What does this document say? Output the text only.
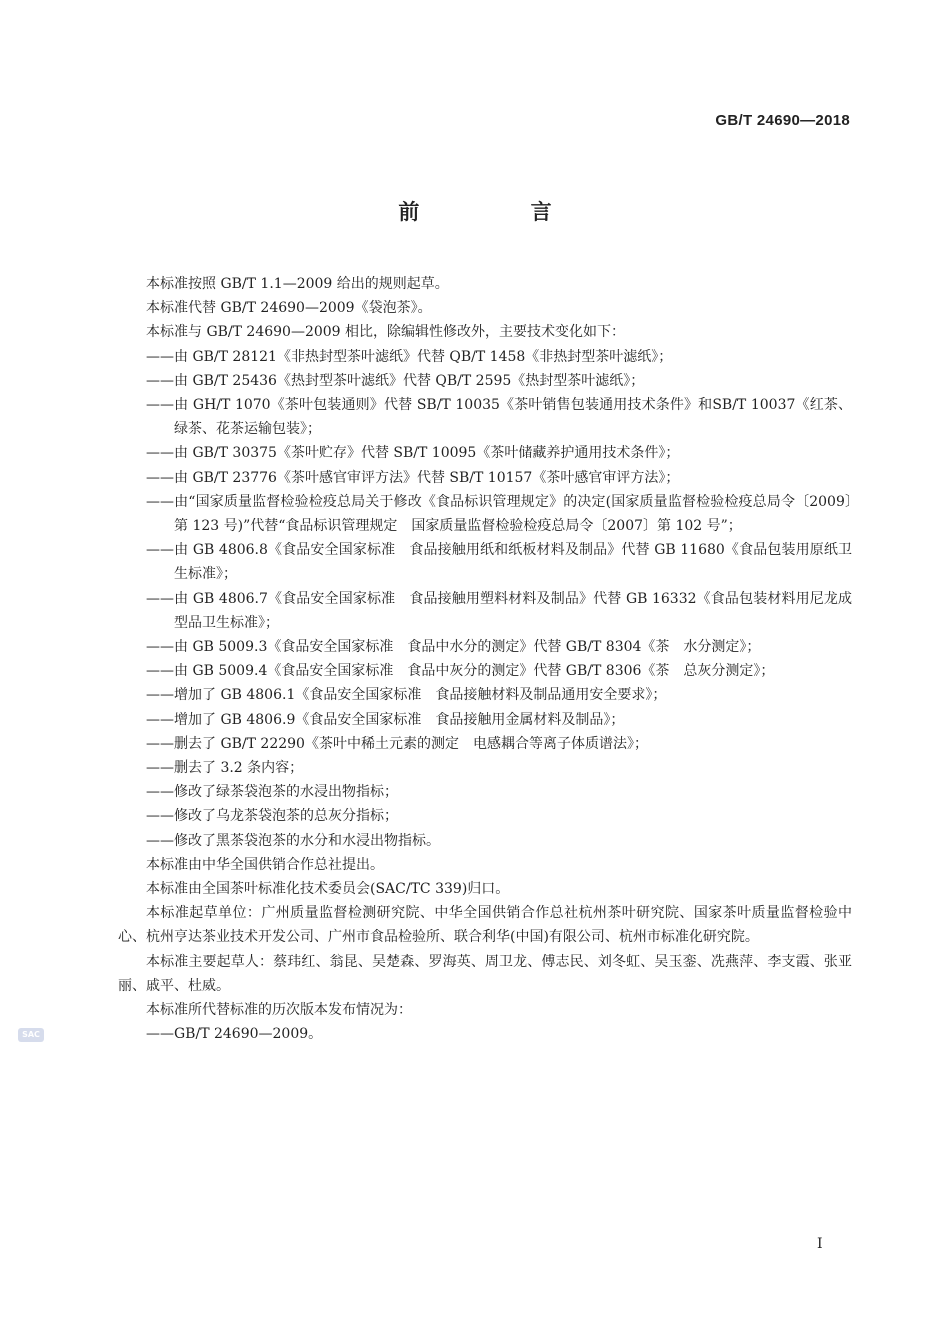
GB/T 24690—2018
前 言

本标准按照 GB/T 1.1—2009 给出的规则起草。

本标准代替 GB/T 24690—2009《袋泡茶》。

本标准与 GB/T 24690—2009 相比，除编辑性修改外，主要技术变化如下：

——由 GB/T 28121《非热封型茶叶滤纸》代替 QB/T 1458《非热封型茶叶滤纸》；

——由 GB/T 25436《热封型茶叶滤纸》代替 QB/T 2595《热封型茶叶滤纸》；

——由 GH/T 1070《茶叶包装通则》代替 SB/T 10035《茶叶销售包装通用技术条件》和SB/T 10037《红茶、绿茶、花茶运输包装》；

——由 GB/T 30375《茶叶贮存》代替 SB/T 10095《茶叶储藏养护通用技术条件》；

——由 GB/T 23776《茶叶感官审评方法》代替 SB/T 10157《茶叶感官审评方法》；

——由“国家质量监督检验检疫总局关于修改《食品标识管理规定》的决定(国家质量监督检验检疫总局令〔2009〕第 123 号)”代替“食品标识管理规定　国家质量监督检验检疫总局令〔2007〕第 102 号”；

——由 GB 4806.8《食品安全国家标准　食品接触用纸和纸板材料及制品》代替 GB 11680《食品包装用原纸卫生标准》；

——由 GB 4806.7《食品安全国家标准　食品接触用塑料材料及制品》代替 GB 16332《食品包装材料用尼龙成型品卫生标准》；

——由 GB 5009.3《食品安全国家标准　食品中水分的测定》代替 GB/T 8304《茶　水分测定》；

——由 GB 5009.4《食品安全国家标准　食品中灰分的测定》代替 GB/T 8306《茶　总灰分测定》；

——增加了 GB 4806.1《食品安全国家标准　食品接触材料及制品通用安全要求》；

——增加了 GB 4806.9《食品安全国家标准　食品接触用金属材料及制品》；

——删去了 GB/T 22290《茶叶中稀土元素的测定　电感耦合等离子体质谱法》；

——删去了 3.2 条内容；

——修改了绿茶袋泡茶的水浸出物指标；

——修改了乌龙茶袋泡茶的总灰分指标；

——修改了黑茶袋泡茶的水分和水浸出物指标。

本标准由中华全国供销合作总社提出。

本标准由全国茶叶标准化技术委员会(SAC/TC 339)归口。

本标准起草单位：广州质量监督检测研究院、中华全国供销合作总社杭州茶叶研究院、国家茶叶质量监督检验中心、杭州亨达茶业技术开发公司、广州市食品检验所、联合利华(中国)有限公司、杭州市标准化研究院。

本标准主要起草人：蔡玮红、翁昆、吴楚森、罗海英、周卫龙、傅志民、刘冬虹、吴玉銮、冼燕萍、李支霞、张亚丽、戚平、杜威。

本标准所代替标准的历次版本发布情况为：

——GB/T 24690—2009。

SAC
I
